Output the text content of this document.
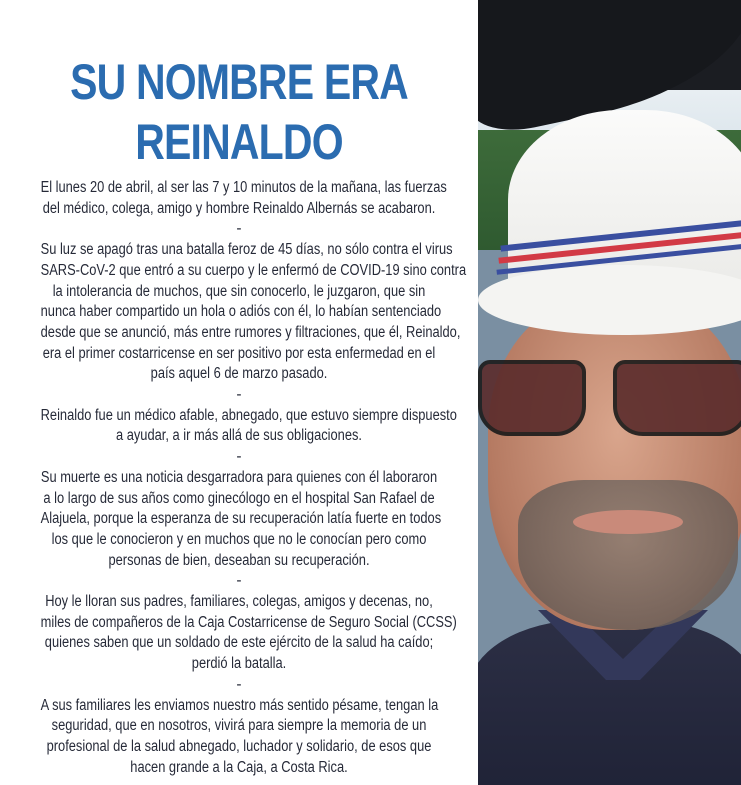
SU NOMBRE ERA
REINALDO
El lunes 20 de abril, al ser las 7 y 10 minutos de la mañana, las fuerzas
del médico, colega, amigo y hombre Reinaldo Albernás se acabaron.
-
Su luz se apagó tras una batalla feroz de 45 días, no sólo contra el virus
SARS-CoV-2 que entró a su cuerpo y le enfermó de COVID-19 sino contra
la intolerancia de muchos, que sin conocerlo, le juzgaron, que sin
nunca haber compartido un hola o adiós con él, lo habían sentenciado
desde que se anunció, más entre rumores y filtraciones, que él, Reinaldo,
era el primer costarricense en ser positivo por esta enfermedad en el
país aquel 6 de marzo pasado.
-
Reinaldo fue un médico afable, abnegado, que estuvo siempre dispuesto
a ayudar, a ir más allá de sus obligaciones.
-
Su muerte es una noticia desgarradora para quienes con él laboraron
a lo largo de sus años como ginecólogo en el hospital San Rafael de
Alajuela, porque la esperanza de su recuperación latía fuerte en todos
los que le conocieron y en muchos que no le conocían pero como
personas de bien, deseaban su recuperación.
-
Hoy le lloran sus padres, familiares, colegas, amigos y decenas, no,
miles de compañeros de la Caja Costarricense de Seguro Social (CCSS)
quienes saben que un soldado de este ejército de la salud ha caído;
perdió la batalla.
-
A sus familiares les enviamos nuestro más sentido pésame, tengan la
seguridad, que en nosotros, vivirá para siempre la memoria de un
profesional de la salud abnegado, luchador y solidario, de esos que
hacen grande a la Caja, a Costa Rica.
